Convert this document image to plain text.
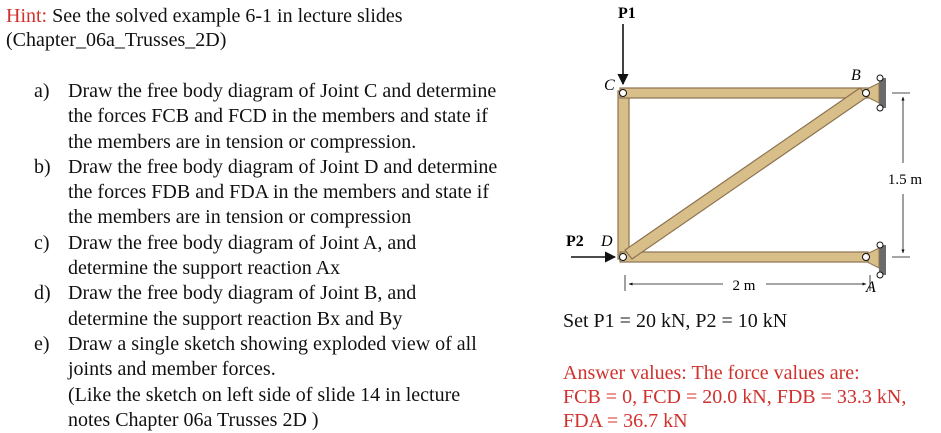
Hint: See the solved example 6-1 in lecture slides
(Chapter_06a_Trusses_2D)
a) Draw the free body diagram of Joint C and determine
the forces FCB and FCD in the members and state if
the members are in tension or compression.
b) Draw the free body diagram of Joint D and determine
the forces FDB and FDA in the members and state if
the members are in tension or compression
c) Draw the free body diagram of Joint A, and
determine the support reaction Ax
d) Draw the free body diagram of Joint B, and
determine the support reaction Bx and By
e) Draw a single sketch showing exploded view of all
joints and member forces.
(Like the sketch on left side of slide 14 in lecture
notes Chapter 06a Trusses 2D )
P1
P2
C
B
D
A
2 m
1.5 m
Set P1 = 20 kN, P2 = 10 kN
Answer values: The force values are:
FCB = 0, FCD = 20.0 kN, FDB = 33.3 kN,
FDA = 36.7 kN
